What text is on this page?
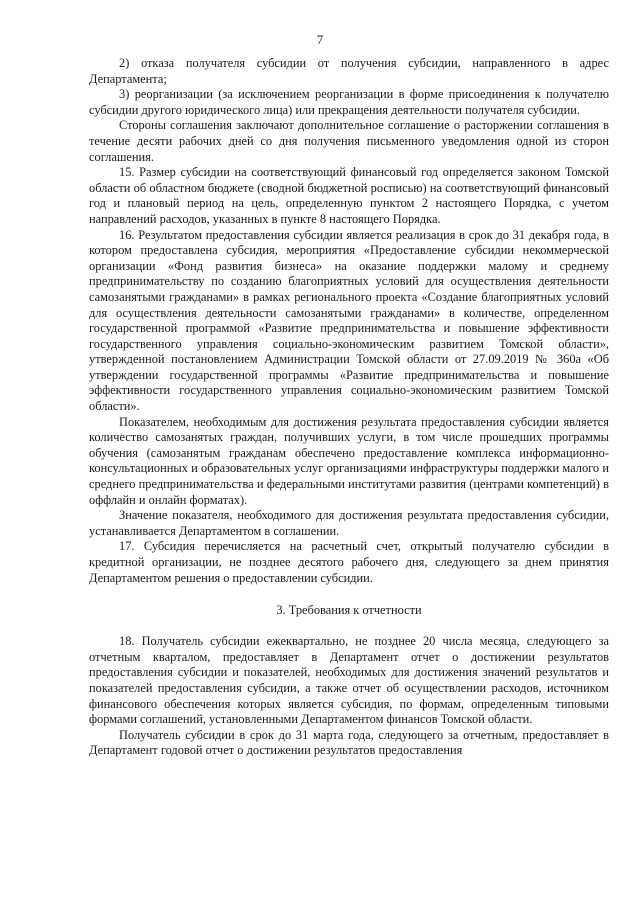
7

2) отказа получателя субсидии от получения субсидии, направленного в адрес Департамента;

3) реорганизации (за исключением реорганизации в форме присоединения к получателю субсидии другого юридического лица) или прекращения деятельности получателя субсидии.

Стороны соглашения заключают дополнительное соглашение о расторжении соглашения в течение десяти рабочих дней со дня получения письменного уведомления одной из сторон соглашения.

15. Размер субсидии на соответствующий финансовый год определяется законом Томской области об областном бюджете (сводной бюджетной росписью) на соответствующий финансовый год и плановый период на цель, определенную пунктом 2 настоящего Порядка, с учетом направлений расходов, указанных в пункте 8 настоящего Порядка.

16. Результатом предоставления субсидии является реализация в срок до 31 декабря года, в котором предоставлена субсидия, мероприятия «Предоставление субсидии некоммерческой организации «Фонд развития бизнеса» на оказание поддержки малому и среднему предпринимательству по созданию благоприятных условий для осуществления деятельности самозанятыми гражданами» в рамках регионального проекта «Создание благоприятных условий для осуществления деятельности самозанятыми гражданами» в количестве, определенном государственной программой «Развитие предпринимательства и повышение эффективности государственного управления социально-экономическим развитием Томской области», утвержденной постановлением Администрации Томской области от 27.09.2019 № 360а «Об утверждении государственной программы «Развитие предпринимательства и повышение эффективности государственного управления социально-экономическим развитием Томской области».

Показателем, необходимым для достижения результата предоставления субсидии является количество самозанятых граждан, получивших услуги, в том числе прошедших программы обучения (самозанятым гражданам обеспечено предоставление комплекса информационно-консультационных и образовательных услуг организациями инфраструктуры поддержки малого и среднего предпринимательства и федеральными институтами развития (центрами компетенций) в оффлайн и онлайн форматах).

Значение показателя, необходимого для достижения результата предоставления субсидии, устанавливается Департаментом в соглашении.

17. Субсидия перечисляется на расчетный счет, открытый получателю субсидии в кредитной организации, не позднее десятого рабочего дня, следующего за днем принятия Департаментом решения о предоставлении субсидии.

3. Требования к отчетности

18. Получатель субсидии ежеквартально, не позднее 20 числа месяца, следующего за отчетным кварталом, предоставляет в Департамент отчет о достижении результатов предоставления субсидии и показателей, необходимых для достижения значений результатов и показателей предоставления субсидии, а также отчет об осуществлении расходов, источником финансового обеспечения которых является субсидия, по формам, определенным типовыми формами соглашений, установленными Департаментом финансов Томской области.

Получатель субсидии в срок до 31 марта года, следующего за отчетным, предоставляет в Департамент годовой отчет о достижении результатов предоставления
